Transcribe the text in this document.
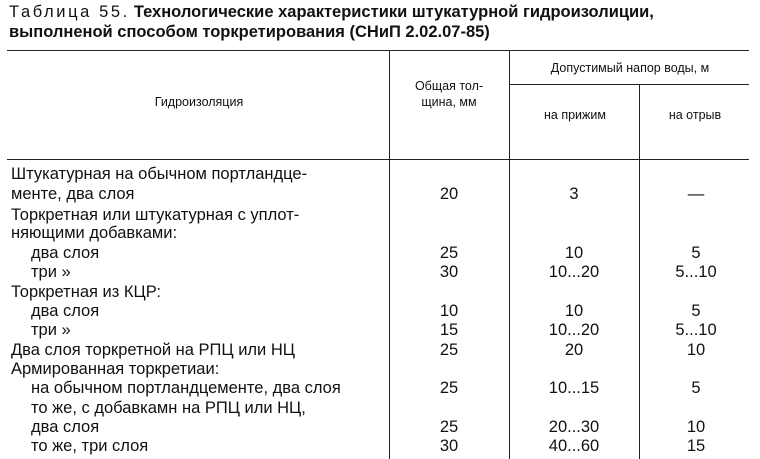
Таблица 55. Технологические характеристики штукатурной гидроизолиции, выполненой способом торкретирования (СНиП 2.02.07-85)
Гидроизоляция
Общая тол-щина, мм
Допустимый напор воды, м
на прижим	на отрыв
Штукатурная на обычном портландце-
менте, два слоя	20	3	—
Торкретная или штукатурная с уплот-
няющими добавками:
два слоя	25	10	5
три »	30	10...20	5...10
Торкретная из КЦР:
два слоя	10	10	5
три »	15	10...20	5...10
Два слоя торкретной на РПЦ или НЦ	25	20	10
Армированная торкретиаи:
на обычном портландцементе, два слоя	25	10...15	5
то же, с добавкамн на РПЦ или НЦ,
два слоя	25	20...30	10
то же, три слоя	30	40...60	15
